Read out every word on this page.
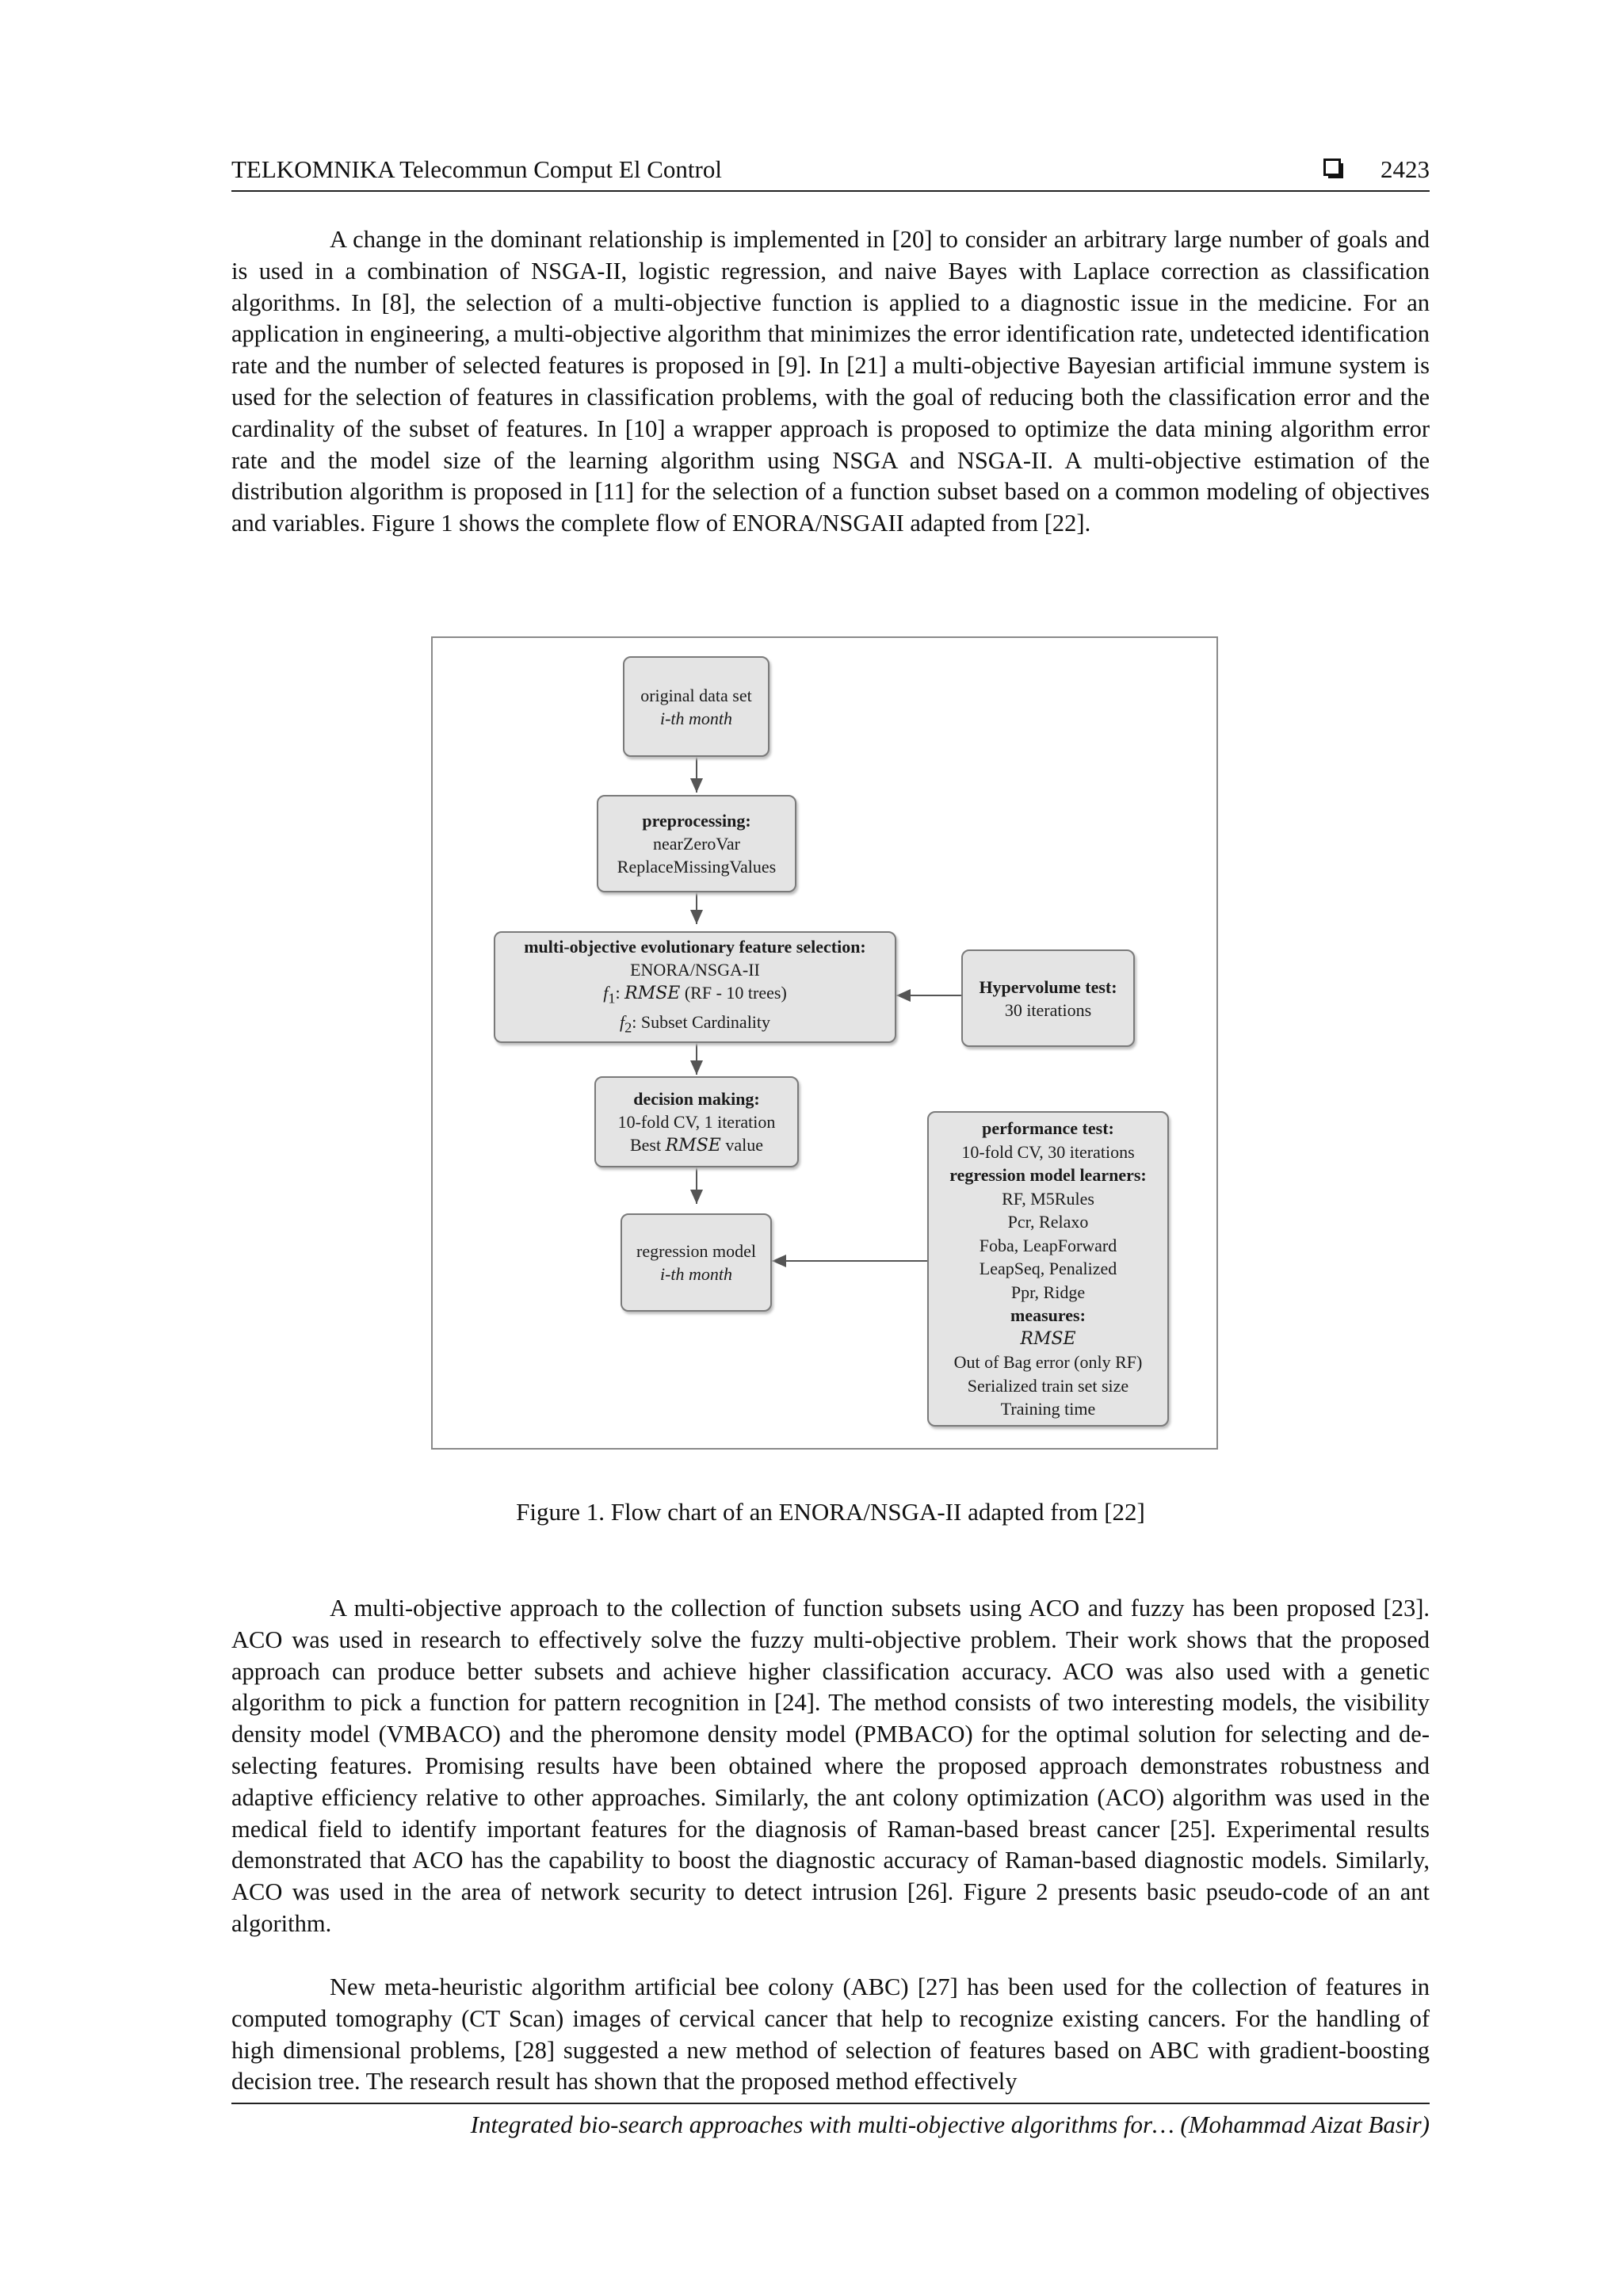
TELKOMNIKA Telecommun Comput El Control	2423

A change in the dominant relationship is implemented in [20] to consider an arbitrary large number of goals and is used in a combination of NSGA-II, logistic regression, and naive Bayes with Laplace correction as classification algorithms. In [8], the selection of a multi-objective function is applied to a diagnostic issue in the medicine. For an application in engineering, a multi-objective algorithm that minimizes the error identification rate, undetected identification rate and the number of selected features is proposed in [9]. In [21] a multi-objective Bayesian artificial immune system is used for the selection of features in classification problems, with the goal of reducing both the classification error and the cardinality of the subset of features. In [10] a wrapper approach is proposed to optimize the data mining algorithm error rate and the model size of the learning algorithm using NSGA and NSGA-II. A multi-objective estimation of the distribution algorithm is proposed in [11] for the selection of a function subset based on a common modeling of objectives and variables. Figure 1 shows the complete flow of ENORA/NSGAII adapted from [22].

original data set
i-th month
preprocessing:
nearZeroVar
ReplaceMissingValues
multi-objective evolutionary feature selection:
ENORA/NSGA-II
$f_1$: RMSE (RF - 10 trees)
$f_2$: Subset Cardinality
Hypervolume test:
30 iterations
decision making:
10-fold CV, 1 iteration
Best RMSE value
regression model
i-th month
performance test:
10-fold CV, 30 iterations
regression model learners:
RF, M5Rules
Pcr, Relaxo
Foba, LeapForward
LeapSeq, Penalized
Ppr, Ridge
measures:
RMSE
Out of Bag error (only RF)
Serialized train set size
Training time
Figure 1. Flow chart of an ENORA/NSGA-II adapted from [22]

A multi-objective approach to the collection of function subsets using ACO and fuzzy has been proposed [23]. ACO was used in research to effectively solve the fuzzy multi-objective problem. Their work shows that the proposed approach can produce better subsets and achieve higher classification accuracy. ACO was also used with a genetic algorithm to pick a function for pattern recognition in [24]. The method consists of two interesting models, the visibility density model (VMBACO) and the pheromone density model (PMBACO) for the optimal solution for selecting and de-selecting features. Promising results have been obtained where the proposed approach demonstrates robustness and adaptive efficiency relative to other approaches. Similarly, the ant colony optimization (ACO) algorithm was used in the medical field to identify important features for the diagnosis of Raman-based breast cancer [25]. Experimental results demonstrated that ACO has the capability to boost the diagnostic accuracy of Raman-based diagnostic models. Similarly, ACO was used in the area of network security to detect intrusion [26]. Figure 2 presents basic pseudo-code of an ant algorithm.

New meta-heuristic algorithm artificial bee colony (ABC) [27] has been used for the collection of features in computed tomography (CT Scan) images of cervical cancer that help to recognize existing cancers. For the handling of high dimensional problems, [28] suggested a new method of selection of features based on ABC with gradient-boosting decision tree. The research result has shown that the proposed method effectively

Integrated bio-search approaches with multi-objective algorithms for… (Mohammad Aizat Basir)
